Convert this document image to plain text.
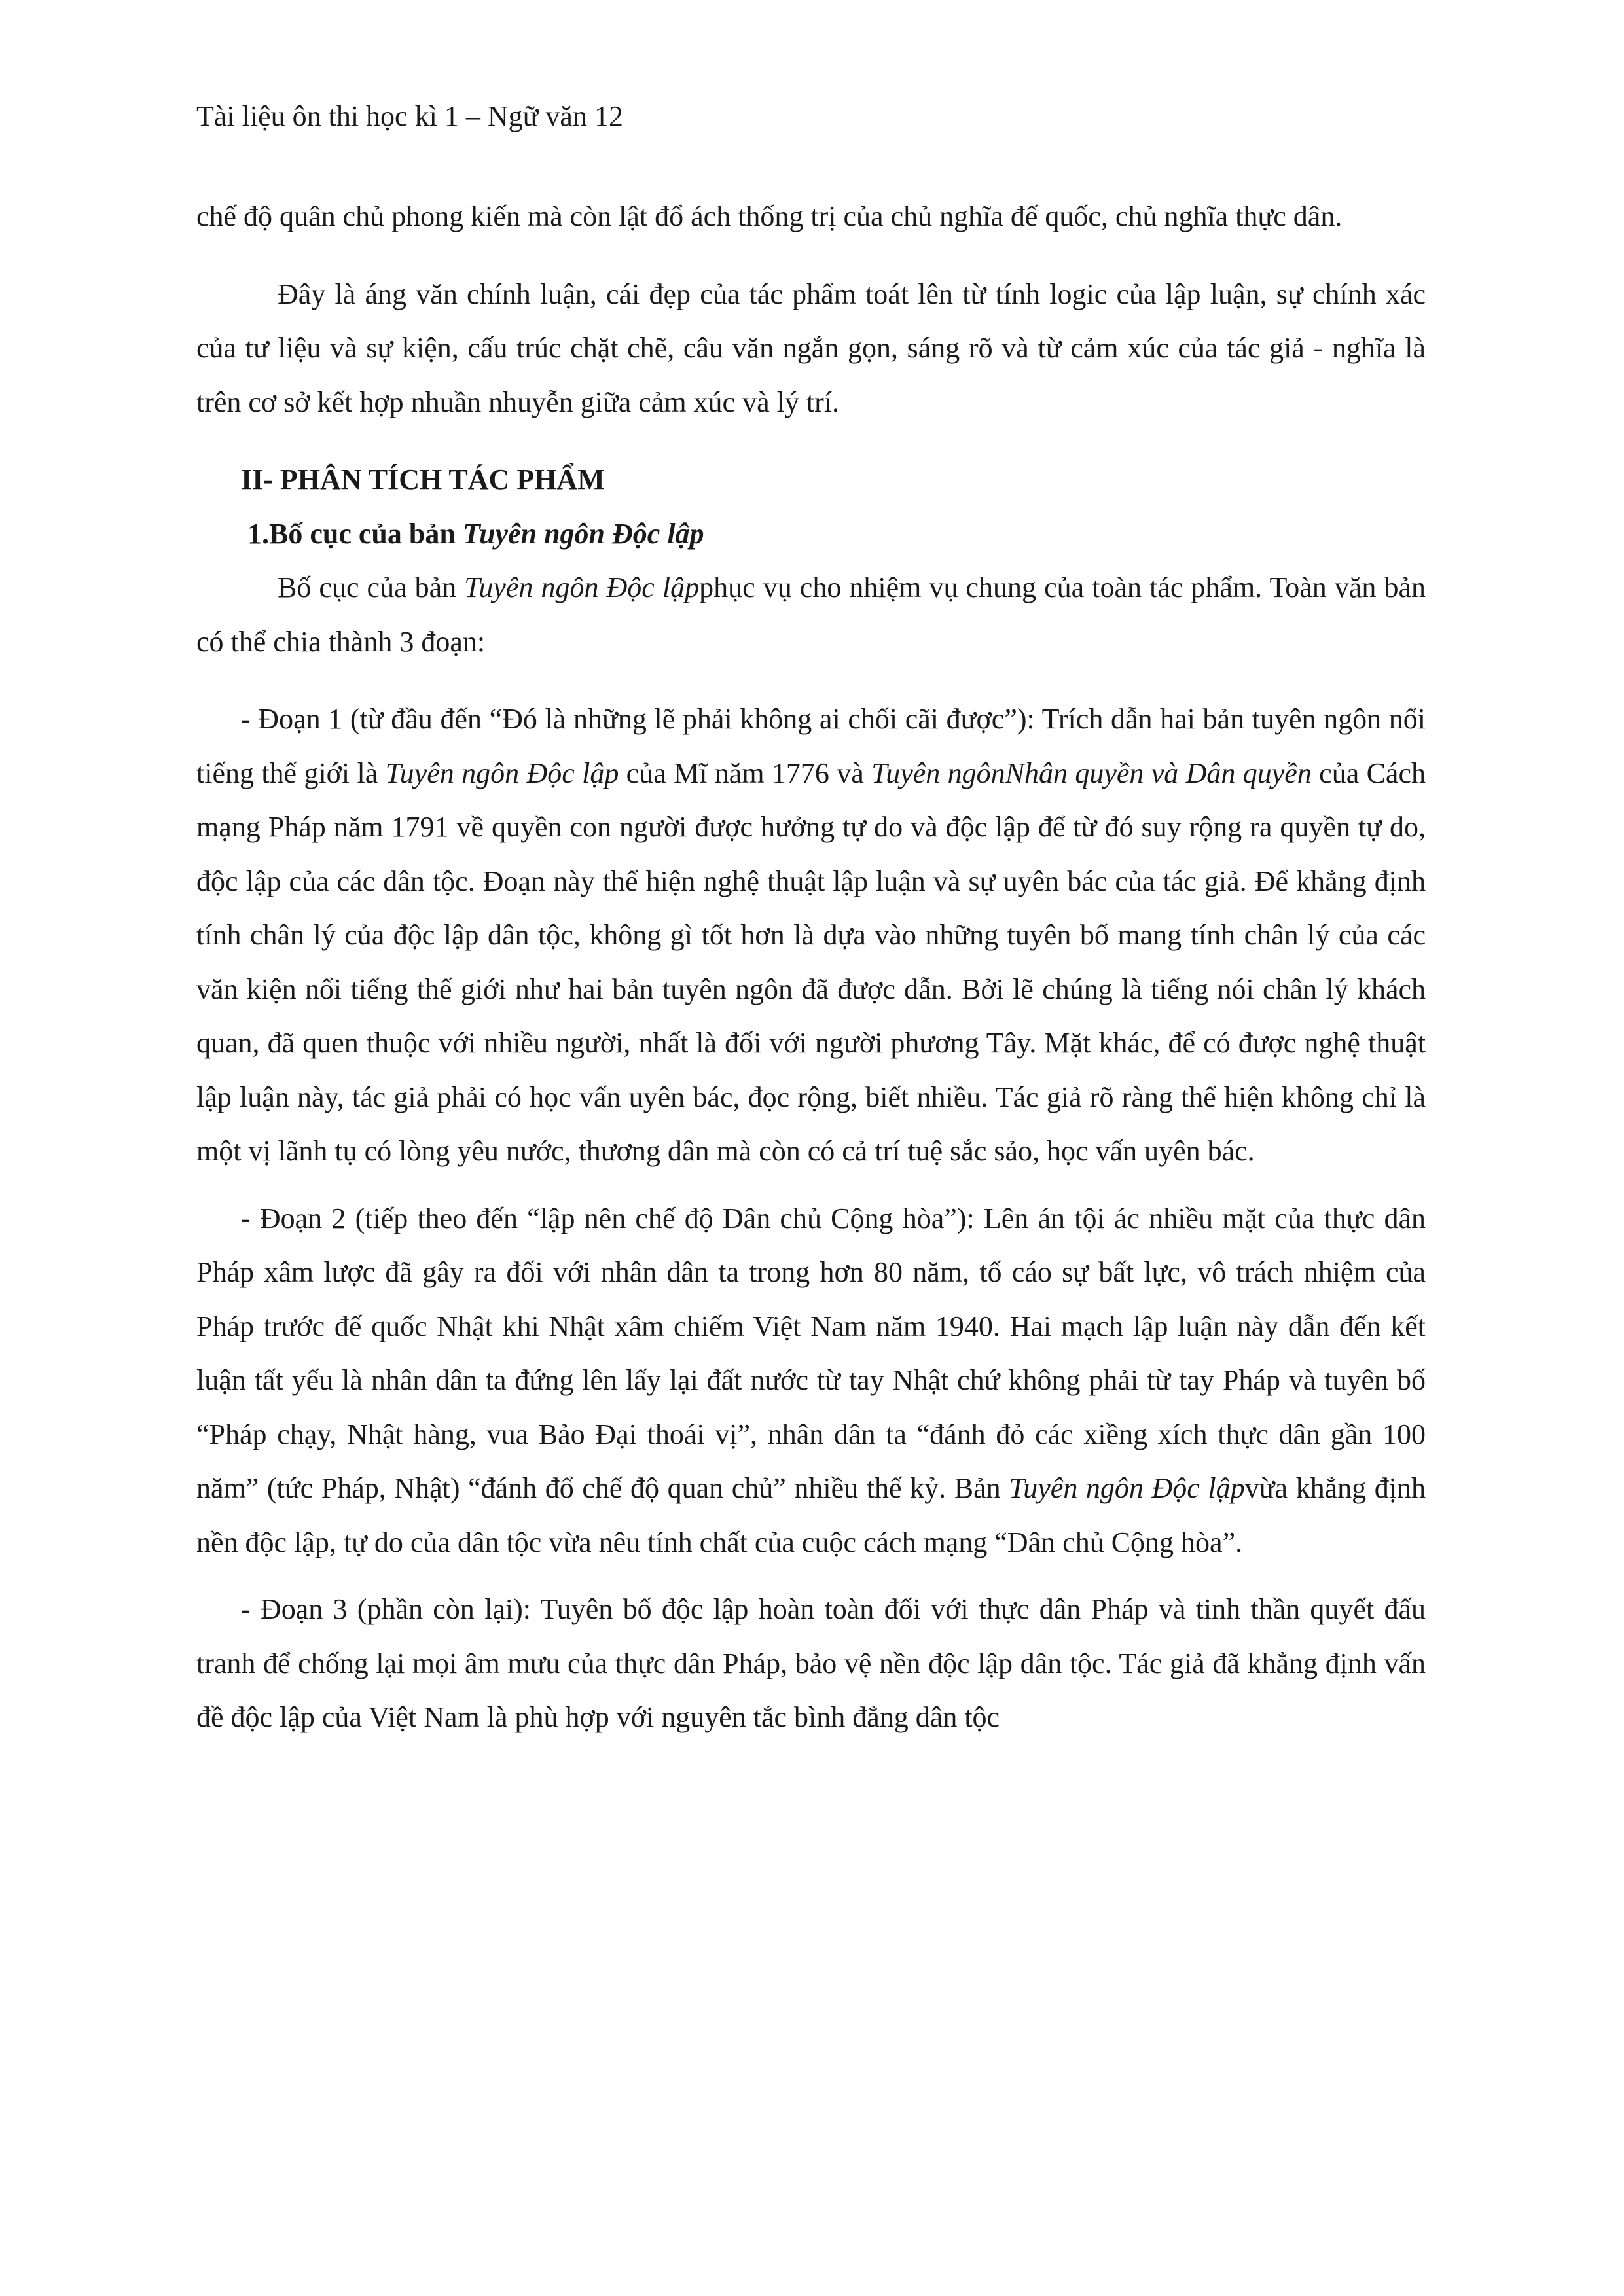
Tài liệu ôn thi học kì 1 – Ngữ văn 12

chế độ quân chủ phong kiến mà còn lật đổ ách thống trị của chủ nghĩa đế quốc, chủ nghĩa thực dân.

Đây là áng văn chính luận, cái đẹp của tác phẩm toát lên từ tính logic của lập luận, sự chính xác của tư liệu và sự kiện, cấu trúc chặt chẽ, câu văn ngắn gọn, sáng rõ và từ cảm xúc của tác giả - nghĩa là trên cơ sở kết hợp nhuần nhuyễn giữa cảm xúc và lý trí.

II- PHÂN TÍCH TÁC PHẨM

1.Bố cục của bản Tuyên ngôn Độc lập

Bố cục của bản Tuyên ngôn Độc lậpphục vụ cho nhiệm vụ chung của toàn tác phẩm. Toàn văn bản có thể chia thành 3 đoạn:

- Đoạn 1 (từ đầu đến “Đó là những lẽ phải không ai chối cãi được”): Trích dẫn hai bản tuyên ngôn nổi tiếng thế giới là Tuyên ngôn Độc lập của Mĩ năm 1776 và Tuyên ngônNhân quyền và Dân quyền của Cách mạng Pháp năm 1791 về quyền con người được hưởng tự do và độc lập để từ đó suy rộng ra quyền tự do, độc lập của các dân tộc. Đoạn này thể hiện nghệ thuật lập luận và sự uyên bác của tác giả. Để khẳng định tính chân lý của độc lập dân tộc, không gì tốt hơn là dựa vào những tuyên bố mang tính chân lý của các văn kiện nổi tiếng thế giới như hai bản tuyên ngôn đã được dẫn. Bởi lẽ chúng là tiếng nói chân lý khách quan, đã quen thuộc với nhiều người, nhất là đối với người phương Tây. Mặt khác, để có được nghệ thuật lập luận này, tác giả phải có học vấn uyên bác, đọc rộng, biết nhiều. Tác giả rõ ràng thể hiện không chỉ là một vị lãnh tụ có lòng yêu nước, thương dân mà còn có cả trí tuệ sắc sảo, học vấn uyên bác.

- Đoạn 2 (tiếp theo đến “lập nên chế độ Dân chủ Cộng hòa”): Lên án tội ác nhiều mặt của thực dân Pháp xâm lược đã gây ra đối với nhân dân ta trong hơn 80 năm, tố cáo sự bất lực, vô trách nhiệm của Pháp trước đế quốc Nhật khi Nhật xâm chiếm Việt Nam năm 1940. Hai mạch lập luận này dẫn đến kết luận tất yếu là nhân dân ta đứng lên lấy lại đất nước từ tay Nhật chứ không phải từ tay Pháp và tuyên bố “Pháp chạy, Nhật hàng, vua Bảo Đại thoái vị”, nhân dân ta “đánh đỏ các xiềng xích thực dân gần 100 năm” (tức Pháp, Nhật) “đánh đổ chế độ quan chủ” nhiều thế kỷ. Bản Tuyên ngôn Độc lậpvừa khẳng định nền độc lập, tự do của dân tộc vừa nêu tính chất của cuộc cách mạng “Dân chủ Cộng hòa”.

- Đoạn 3 (phần còn lại): Tuyên bố độc lập hoàn toàn đối với thực dân Pháp và tinh thần quyết đấu tranh để chống lại mọi âm mưu của thực dân Pháp, bảo vệ nền độc lập dân tộc. Tác giả đã khẳng định vấn đề độc lập của Việt Nam là phù hợp với nguyên tắc bình đẳng dân tộc
